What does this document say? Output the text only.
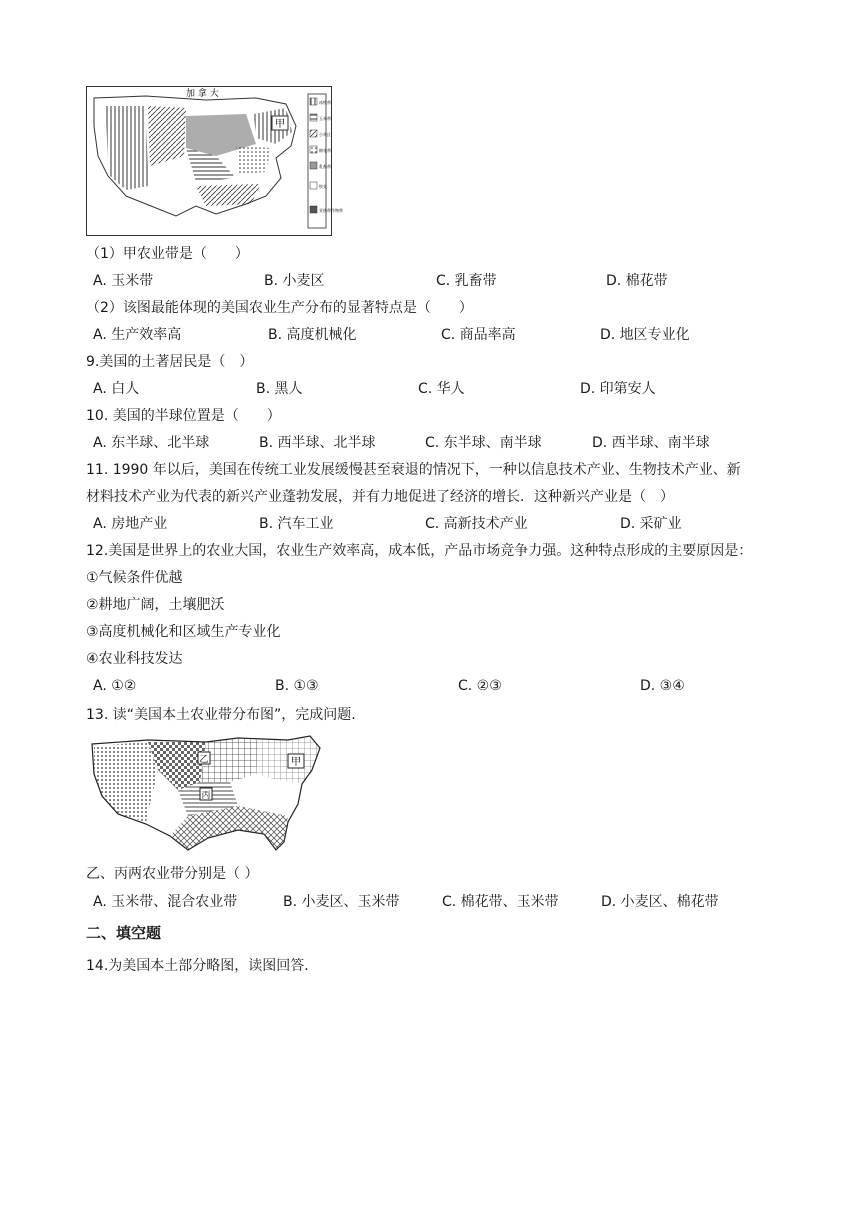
甲
加 拿 大
冰牧带
玉米带
小麦区
棉花带
乳畜带
牧业
亚热带作物带
（1）甲农业带是（　　）
A. 玉米带	B. 小麦区	C. 乳畜带	D. 棉花带
（2）该图最能体现的美国农业生产分布的显著特点是（　　）
A. 生产效率高	B. 高度机械化	C. 商品率高	D. 地区专业化
9.美国的土著居民是（　）
A. 白人	B. 黑人	C. 华人	D. 印第安人
10. 美国的半球位置是（　　）
A. 东半球、北半球	B. 西半球、北半球	C. 东半球、南半球	D. 西半球、南半球
11. 1990 年以后，美国在传统工业发展缓慢甚至衰退的情况下，一种以信息技术产业、生物技术产业、新
材料技术产业为代表的新兴产业蓬勃发展，并有力地促进了经济的增长．这种新兴产业是（　）
A. 房地产业	B. 汽车工业	C. 高新技术产业	D. 采矿业
12.美国是世界上的农业大国，农业生产效率高，成本低，产品市场竞争力强。这种特点形成的主要原因是：
①气候条件优越
②耕地广阔，土壤肥沃
③高度机械化和区域生产专业化
④农业科技发达
A. ①②	B. ①③	C. ②③	D. ③④
13. 读“美国本土农业带分布图”，完成问题.
甲
乙
丙
乙、丙两农业带分别是（ ）
A. 玉米带、混合农业带	B. 小麦区、玉米带	C. 棉花带、玉米带	D. 小麦区、棉花带
二、填空题
14.为美国本土部分略图，读图回答.
